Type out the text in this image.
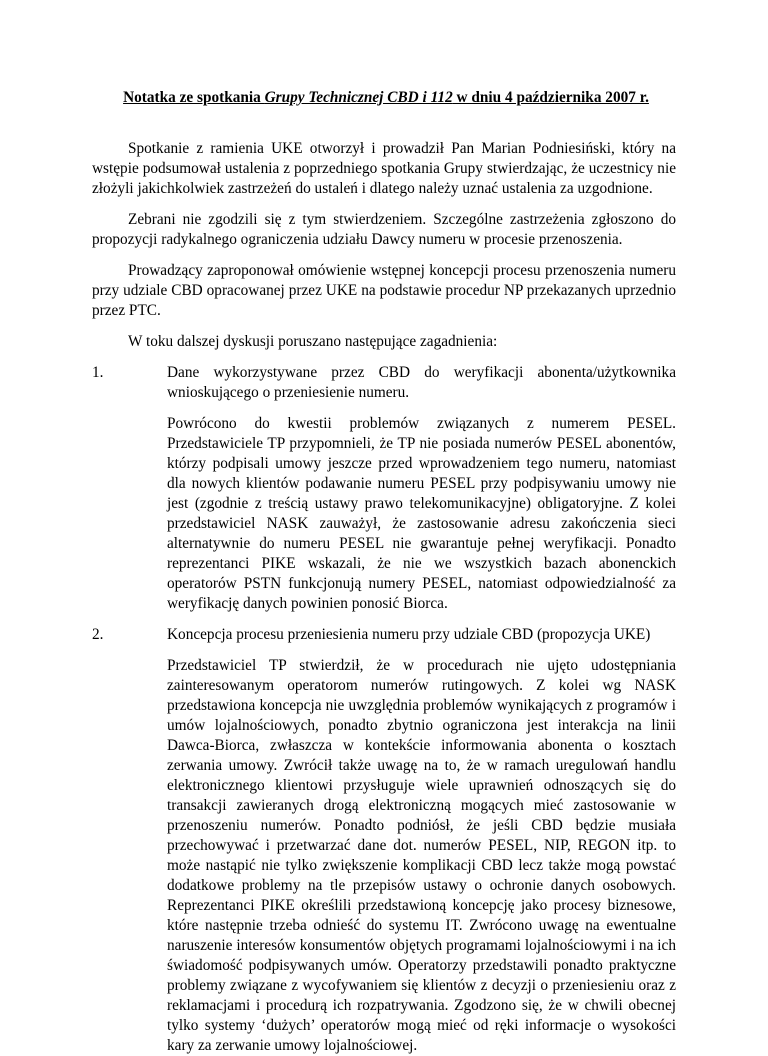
Notatka ze spotkania Grupy Technicznej CBD i 112 w dniu 4 października 2007 r.

Spotkanie z ramienia UKE otworzył i prowadził Pan Marian Podniesiński, który na wstępie podsumował ustalenia z poprzedniego spotkania Grupy stwierdzając, że uczestnicy nie złożyli jakichkolwiek zastrzeżeń do ustaleń i dlatego należy uznać ustalenia za uzgodnione.

Zebrani nie zgodzili się z tym stwierdzeniem. Szczególne zastrzeżenia zgłoszono do propozycji radykalnego ograniczenia udziału Dawcy numeru w procesie przenoszenia.

Prowadzący zaproponował omówienie wstępnej koncepcji procesu przenoszenia numeru przy udziale CBD opracowanej przez UKE na podstawie procedur NP przekazanych uprzednio przez PTC.

W toku dalszej dyskusji poruszano następujące zagadnienia:

1.	Dane wykorzystywane przez CBD do weryfikacji abonenta/użytkownika wnioskującego o przeniesienie numeru.
Powrócono do kwestii problemów związanych z numerem PESEL. Przedstawiciele TP przypomnieli, że TP nie posiada numerów PESEL abonentów, którzy podpisali umowy jeszcze przed wprowadzeniem tego numeru, natomiast dla nowych klientów podawanie numeru PESEL przy podpisywaniu umowy nie jest (zgodnie z treścią ustawy prawo telekomunikacyjne) obligatoryjne. Z kolei przedstawiciel NASK zauważył, że zastosowanie adresu zakończenia sieci alternatywnie do numeru PESEL nie gwarantuje pełnej weryfikacji. Ponadto reprezentanci PIKE wskazali, że nie we wszystkich bazach abonenckich operatorów PSTN funkcjonują numery PESEL, natomiast odpowiedzialność za weryfikację danych powinien ponosić Biorca.
2.	Koncepcja procesu przeniesienia numeru przy udziale CBD (propozycja UKE)
Przedstawiciel TP stwierdził, że w procedurach nie ujęto udostępniania zainteresowanym operatorom numerów rutingowych. Z kolei wg NASK przedstawiona koncepcja nie uwzględnia problemów wynikających z programów i umów lojalnościowych, ponadto zbytnio ograniczona jest interakcja na linii Dawca-Biorca, zwłaszcza w kontekście informowania abonenta o kosztach zerwania umowy. Zwrócił także uwagę na to, że w ramach uregulowań handlu elektronicznego klientowi przysługuje wiele uprawnień odnoszących się do transakcji zawieranych drogą elektroniczną mogących mieć zastosowanie w przenoszeniu numerów. Ponadto podniósł, że jeśli CBD będzie musiała przechowywać i przetwarzać dane dot. numerów PESEL, NIP, REGON itp. to może nastąpić nie tylko zwiększenie komplikacji CBD lecz także mogą powstać dodatkowe problemy na tle przepisów ustawy o ochronie danych osobowych. Reprezentanci PIKE określili przedstawioną koncepcję jako procesy biznesowe, które następnie trzeba odnieść do systemu IT. Zwrócono uwagę na ewentualne naruszenie interesów konsumentów objętych programami lojalnościowymi i na ich świadomość podpisywanych umów. Operatorzy przedstawili ponadto praktyczne problemy związane z wycofywaniem się klientów z decyzji o przeniesieniu oraz z reklamacjami i procedurą ich rozpatrywania. Zgodzono się, że w chwili obecnej tylko systemy ‘dużych’ operatorów mogą mieć od ręki informacje o wysokości kary za zerwanie umowy lojalnościowej.
